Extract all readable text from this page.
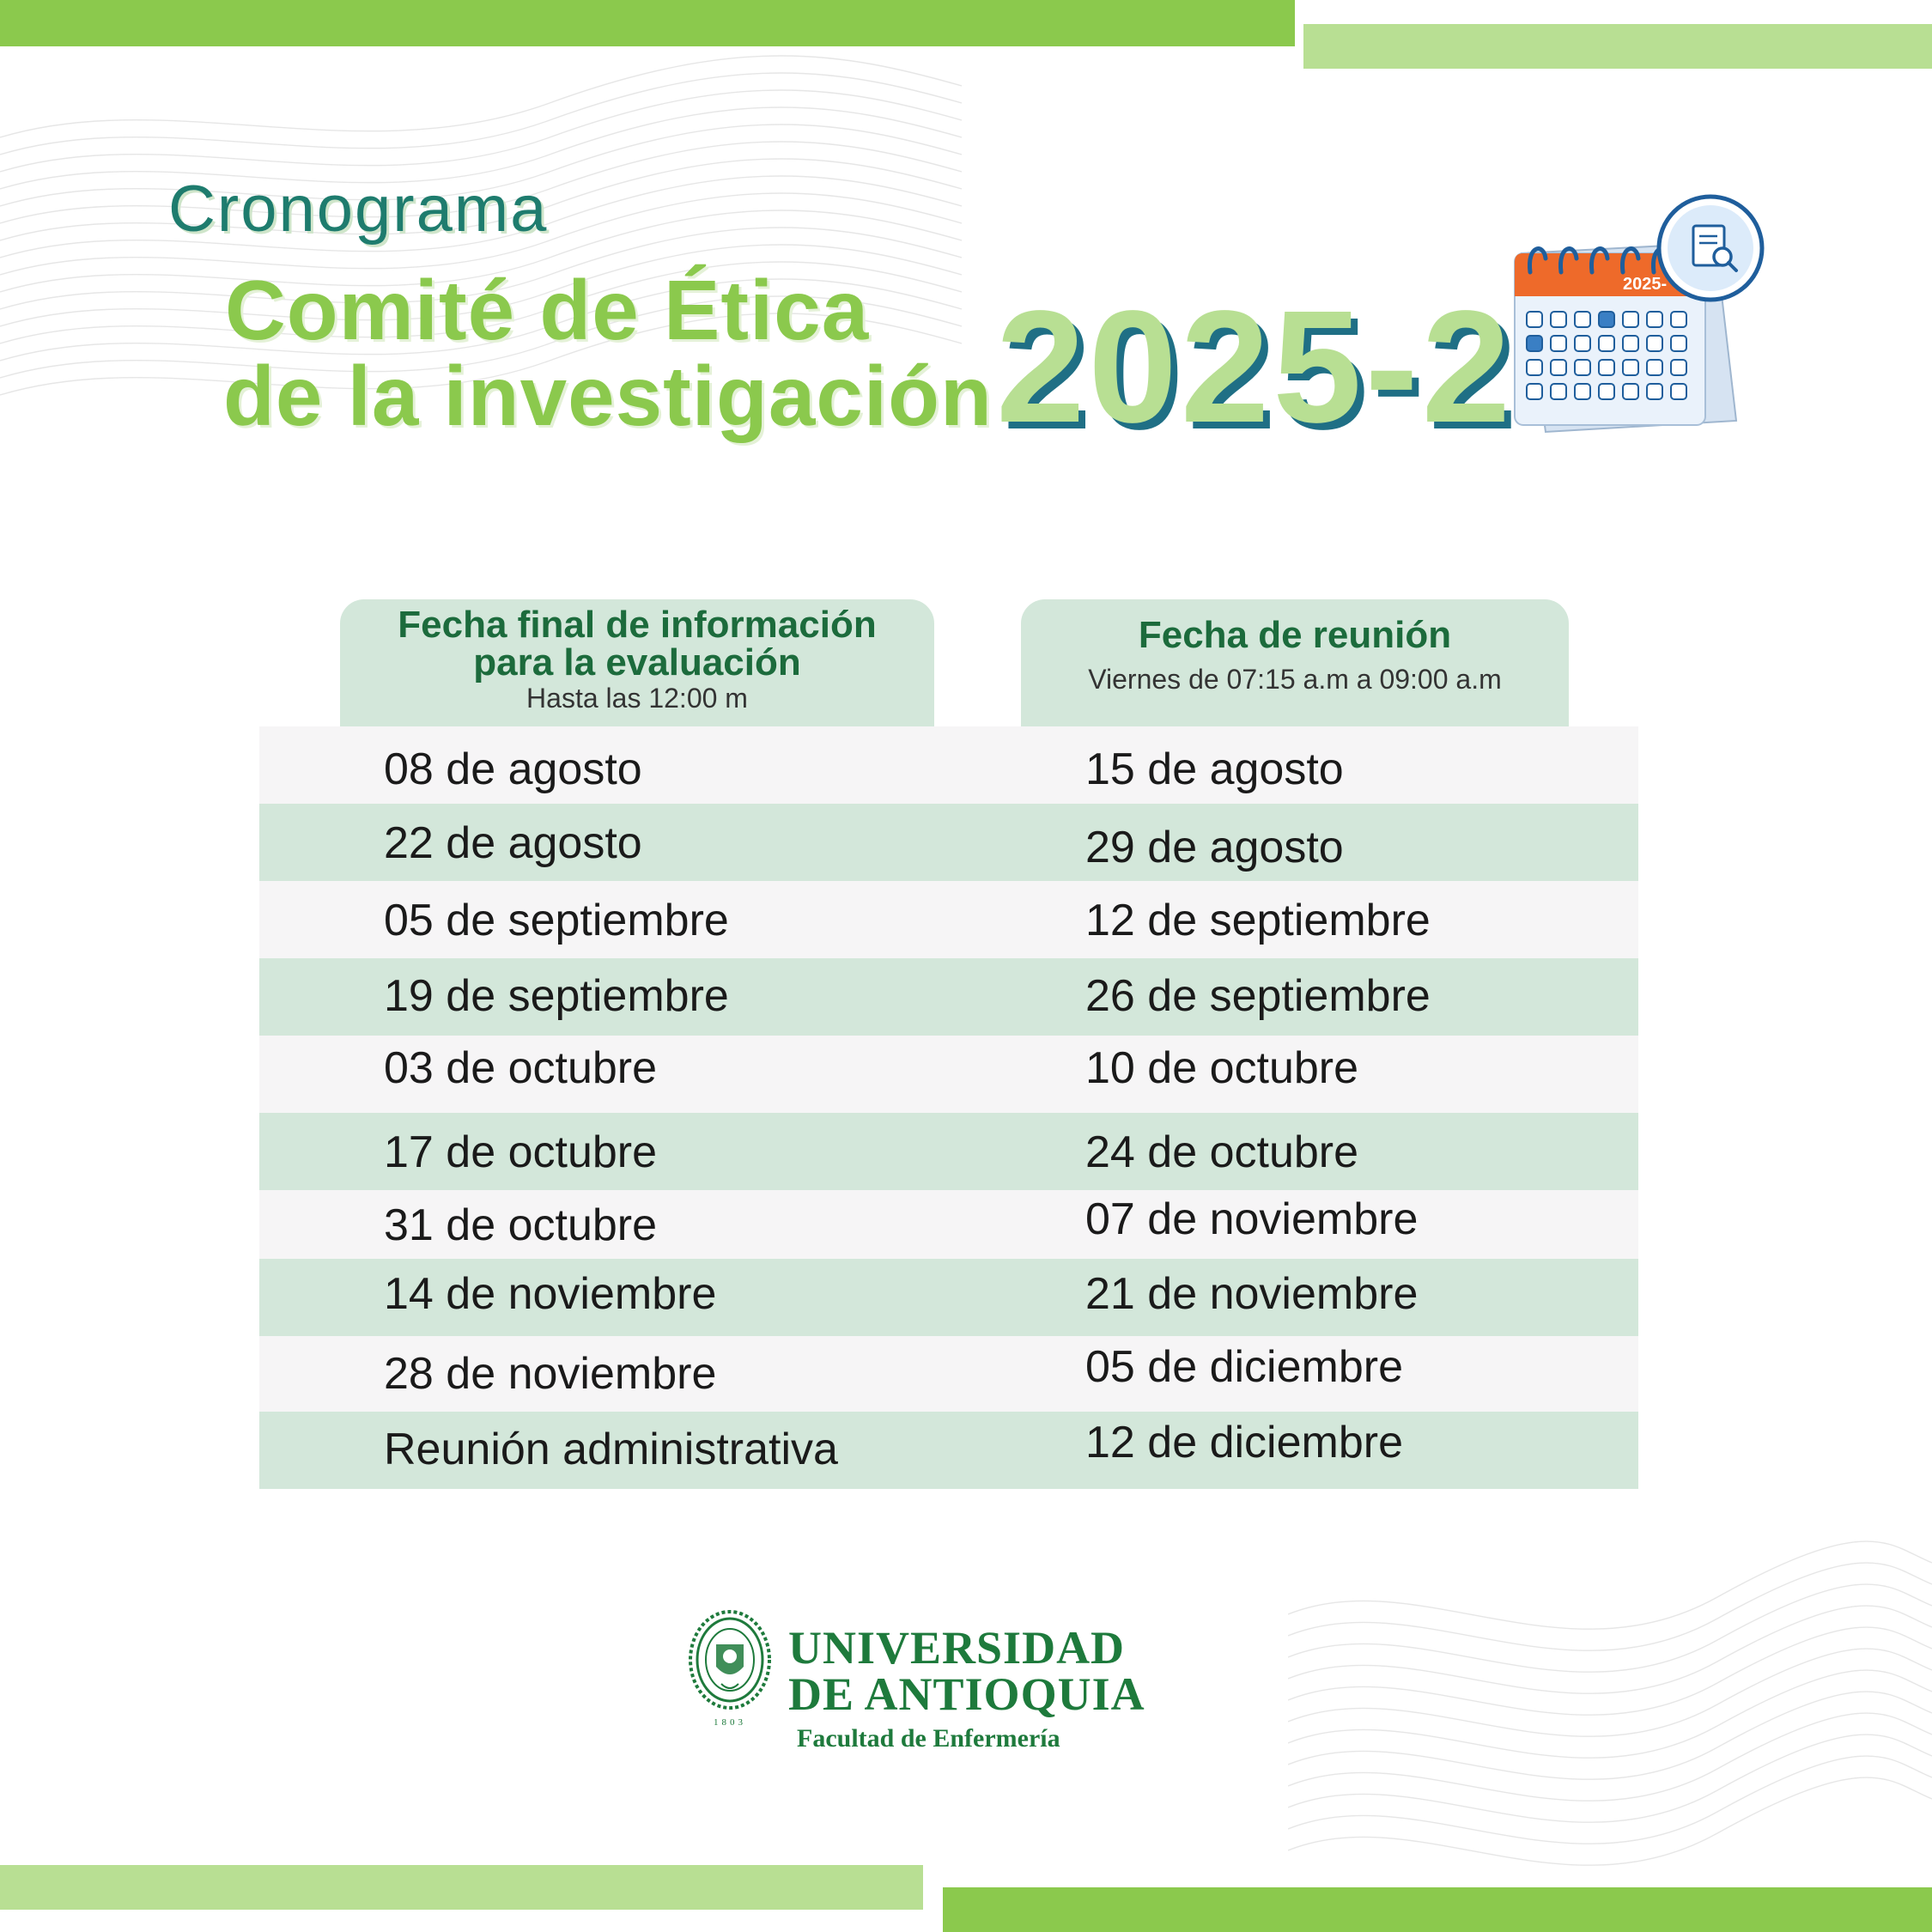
Cronograma
Comité de Ética
de la investigación 2025-2	2025-
Fecha final de información
para la evaluación
Hasta las 12:00 m
Fecha de reunión
Viernes de 07:15 a.m a 09:00 a.m
08 de agosto	15 de agosto
22 de agosto	29 de agosto
05 de septiembre	12 de septiembre
19 de septiembre	26 de septiembre
03 de octubre	10 de octubre
17 de octubre	24 de octubre
31 de octubre	07 de noviembre
14 de noviembre	21 de noviembre
28 de noviembre	05 de diciembre
Reunión administrativa	12 de diciembre
1803

UNIVERSIDAD

DE ANTIOQUIA

Facultad de Enfermería
